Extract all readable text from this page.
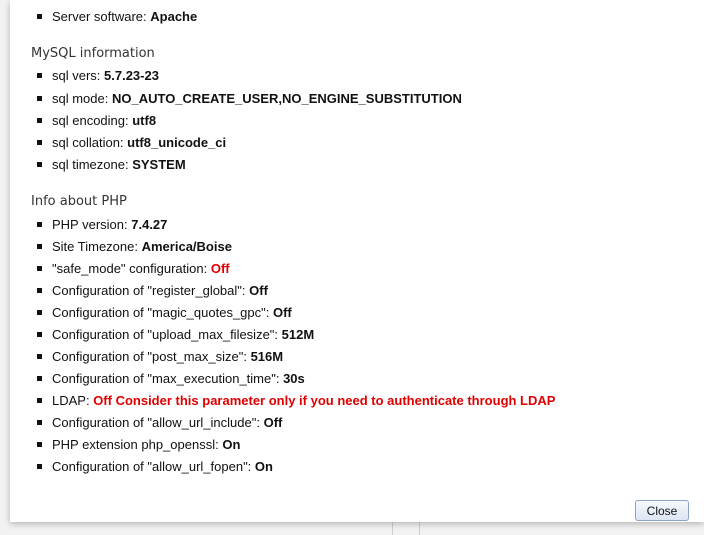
Server software: Apache
MySQL information
sql vers: 5.7.23-23
sql mode: NO_AUTO_CREATE_USER,NO_ENGINE_SUBSTITUTION
sql encoding: utf8
sql collation: utf8_unicode_ci
sql timezone: SYSTEM
Info about PHP
PHP version: 7.4.27
Site Timezone: America/Boise
"safe_mode" configuration: Off
Configuration of "register_global": Off
Configuration of "magic_quotes_gpc": Off
Configuration of "upload_max_filesize": 512M
Configuration of "post_max_size": 516M
Configuration of "max_execution_time": 30s
LDAP: Off Consider this parameter only if you need to authenticate through LDAP
Configuration of "allow_url_include": Off
PHP extension php_openssl: On
Configuration of "allow_url_fopen": On
Close
